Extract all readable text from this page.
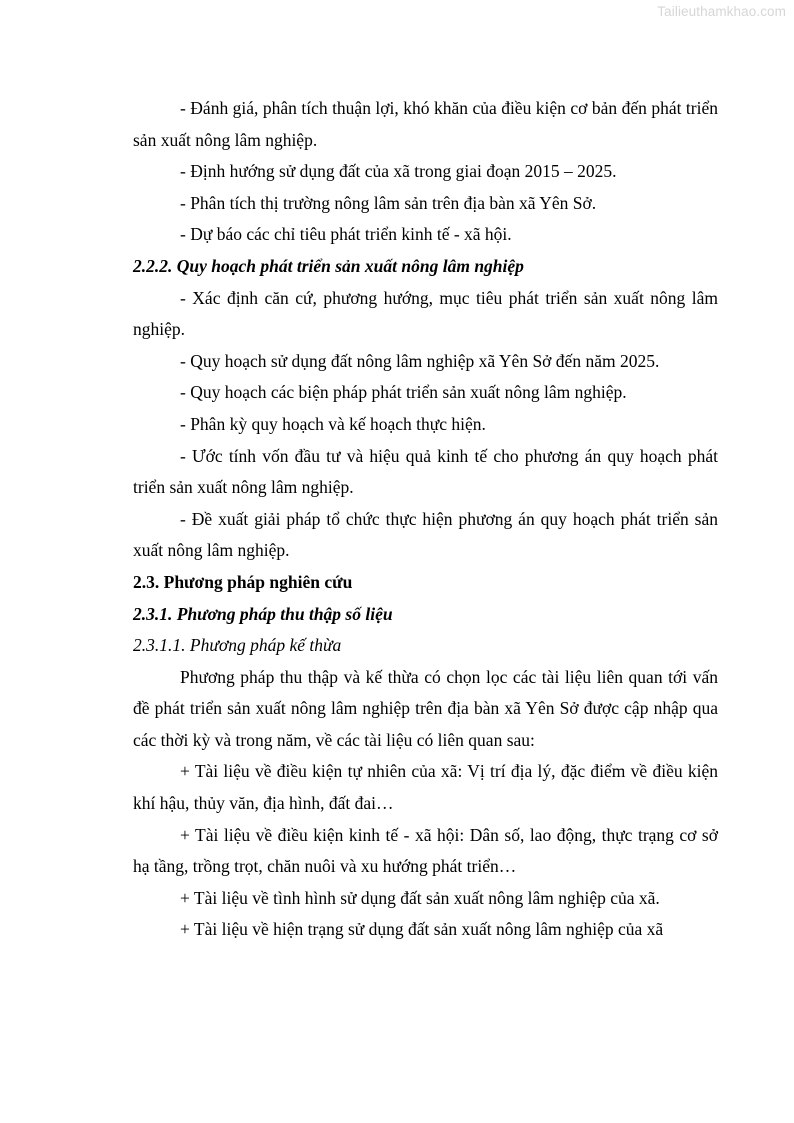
Tailieuthamkhao.com

- Đánh giá, phân tích thuận lợi, khó khăn của điều kiện cơ bản đến phát triển sản xuất nông lâm nghiệp.

- Định hướng sử dụng đất của xã trong giai đoạn 2015 – 2025.

- Phân tích thị trường nông lâm sản trên địa bàn xã Yên Sở.

- Dự báo các chỉ tiêu phát triển kinh tế - xã hội.

2.2.2. Quy hoạch phát triển sản xuất nông lâm nghiệp

- Xác định căn cứ, phương hướng, mục tiêu phát triển sản xuất nông lâm nghiệp.

- Quy hoạch sử dụng đất nông lâm nghiệp xã Yên Sở đến năm 2025.

- Quy hoạch các biện pháp phát triển sản xuất nông lâm nghiệp.

- Phân kỳ quy hoạch và kế hoạch thực hiện.

- Ước tính vốn đầu tư và hiệu quả kinh tế cho phương án quy hoạch phát triển sản xuất nông lâm nghiệp.

- Đề xuất giải pháp tổ chức thực hiện phương án quy hoạch phát triển sản xuất nông lâm nghiệp.

2.3. Phương pháp nghiên cứu

2.3.1. Phương pháp thu thập số liệu

2.3.1.1. Phương pháp kế thừa

Phương pháp thu thập và kế thừa có chọn lọc các tài liệu liên quan tới vấn đề phát triển sản xuất nông lâm nghiệp trên địa bàn xã Yên Sở được cập nhập qua các thời kỳ và trong năm, về các tài liệu có liên quan sau:

+ Tài liệu về điều kiện tự nhiên của xã: Vị trí địa lý, đặc điểm về điều kiện khí hậu, thủy văn, địa hình, đất đai…

+ Tài liệu về điều kiện kinh tế - xã hội: Dân số, lao động, thực trạng cơ sở hạ tầng, trồng trọt, chăn nuôi và xu hướng phát triển…

+ Tài liệu về tình hình sử dụng đất sản xuất nông lâm nghiệp của xã.

+ Tài liệu về hiện trạng sử dụng đất sản xuất nông lâm nghiệp của xã
